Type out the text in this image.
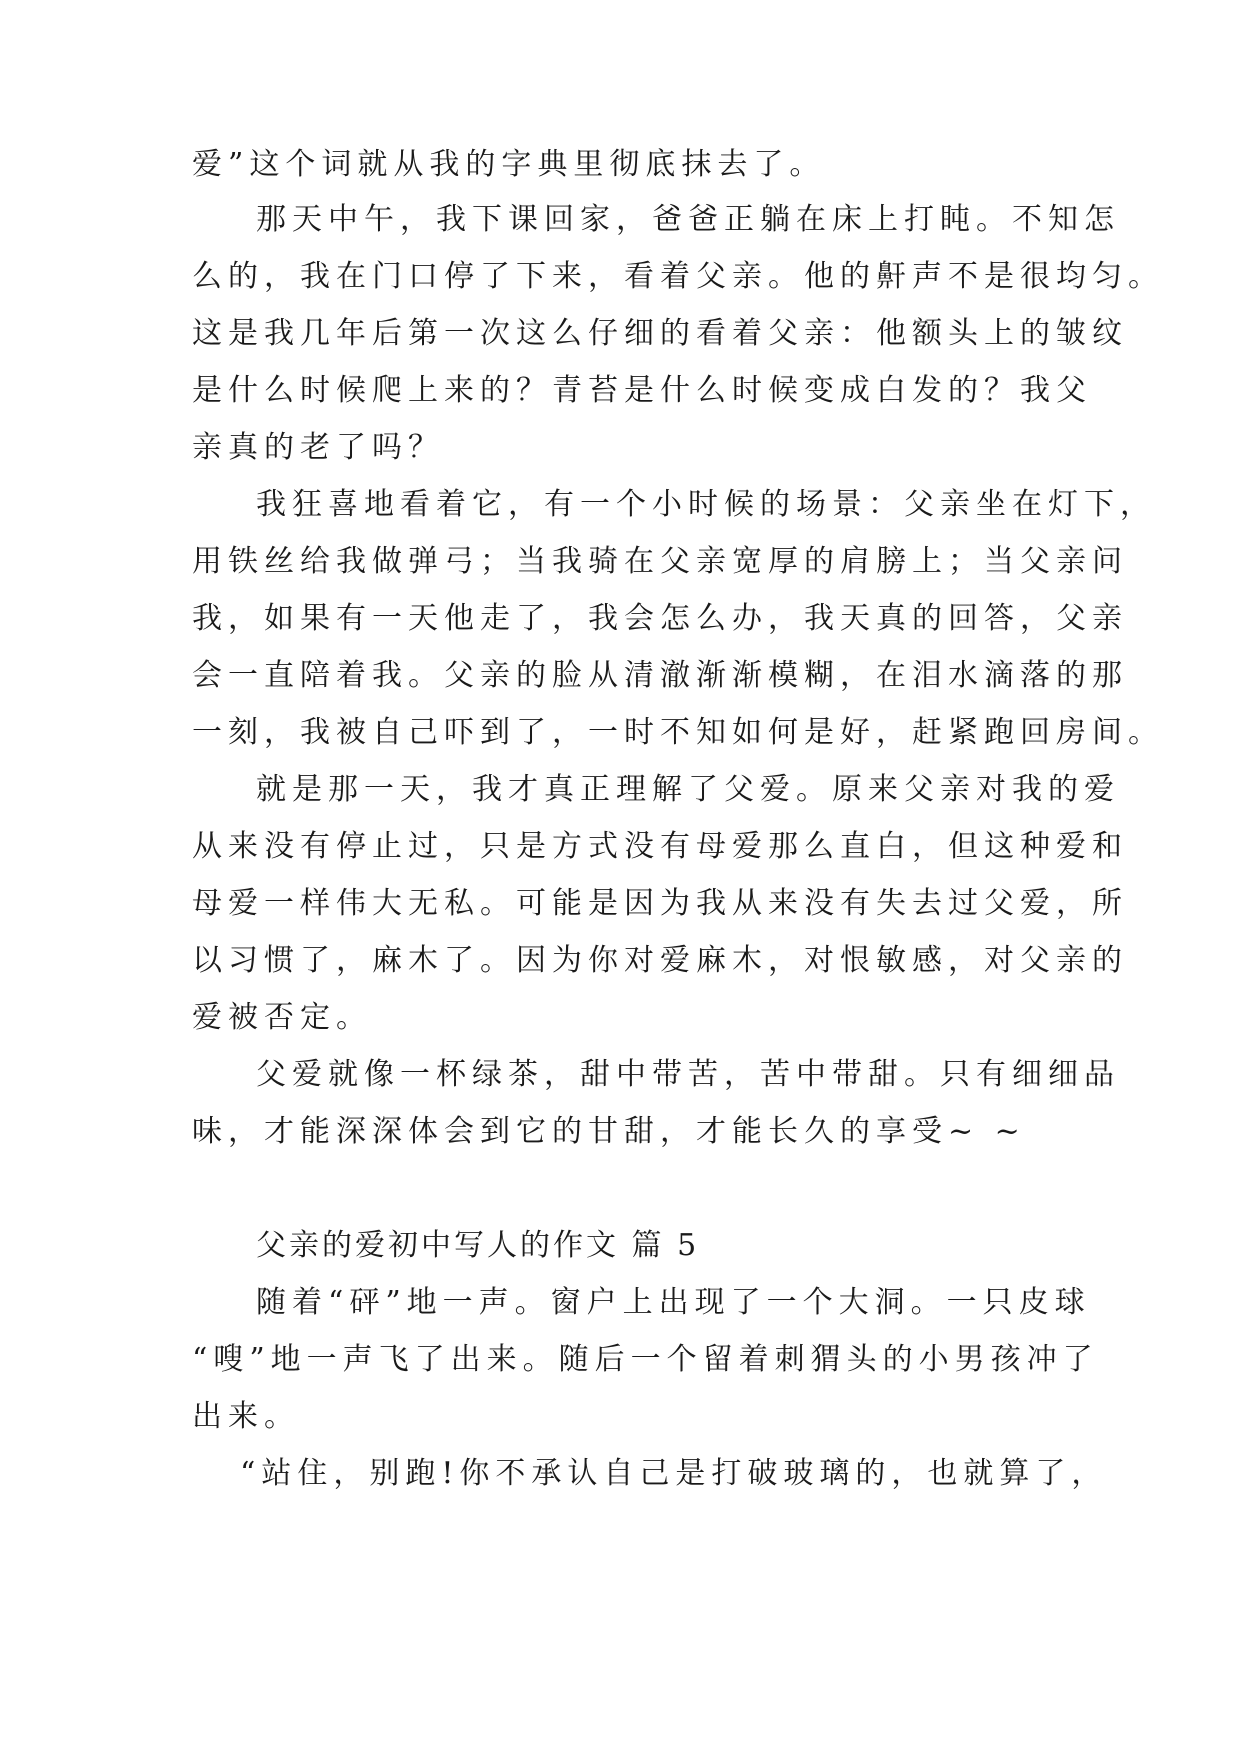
爱”这个词就从我的字典里彻底抹去了。
那天中午，我下课回家，爸爸正躺在床上打盹。不知怎
么的，我在门口停了下来，看着父亲。他的鼾声不是很均匀。
这是我几年后第一次这么仔细的看着父亲：他额头上的皱纹
是什么时候爬上来的？青苔是什么时候变成白发的？我父
亲真的老了吗？
我狂喜地看着它，有一个小时候的场景：父亲坐在灯下，
用铁丝给我做弹弓；当我骑在父亲宽厚的肩膀上；当父亲问
我，如果有一天他走了，我会怎么办，我天真的回答，父亲
会一直陪着我。父亲的脸从清澈渐渐模糊，在泪水滴落的那
一刻，我被自己吓到了，一时不知如何是好，赶紧跑回房间。
就是那一天，我才真正理解了父爱。原来父亲对我的爱
从来没有停止过，只是方式没有母爱那么直白，但这种爱和
母爱一样伟大无私。可能是因为我从来没有失去过父爱，所
以习惯了，麻木了。因为你对爱麻木，对恨敏感，对父亲的
爱被否定。
父爱就像一杯绿茶，甜中带苦，苦中带甜。只有细细品
味，才能深深体会到它的甘甜，才能长久的享受~ ~
父亲的爱初中写人的作文 篇 5
随着“砰”地一声。窗户上出现了一个大洞。一只皮球
“嗖”地一声飞了出来。随后一个留着刺猬头的小男孩冲了
出来。
“站住，别跑!你不承认自己是打破玻璃的，也就算了，
